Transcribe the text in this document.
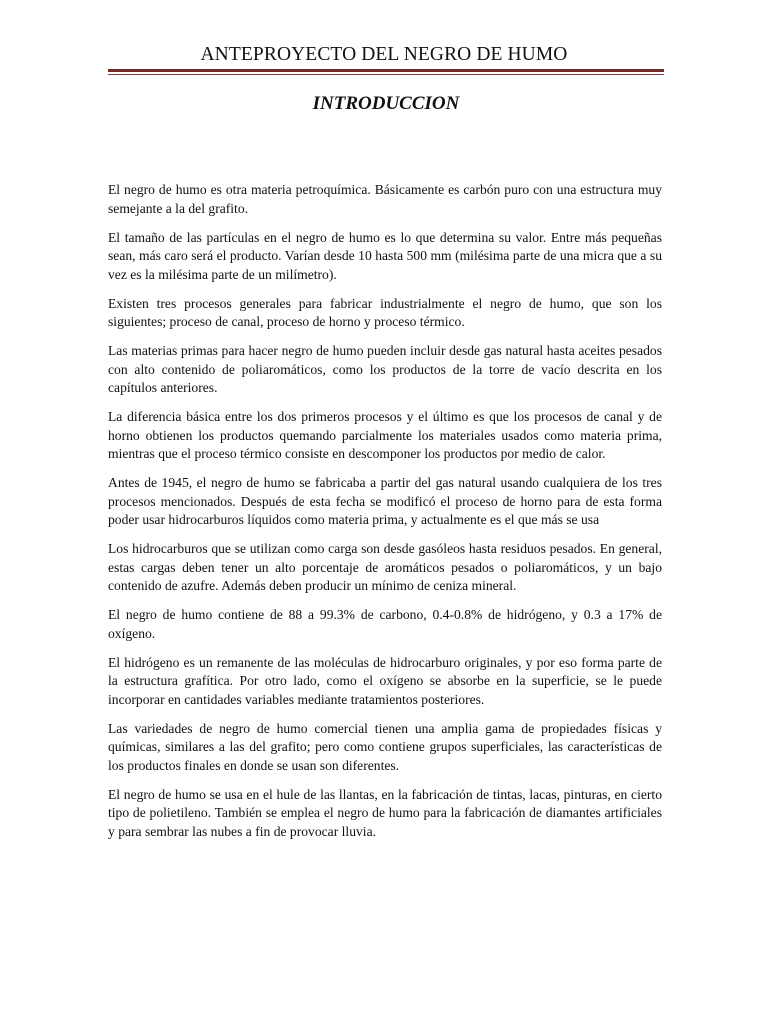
ANTEPROYECTO DEL NEGRO DE HUMO
INTRODUCCION

El negro de humo es otra materia petroquímica. Básicamente es carbón puro con una estructura muy semejante a la del grafito.

El tamaño de las partículas en el negro de humo es lo que determina su valor. Entre más pequeñas sean, más caro será el producto. Varían desde 10 hasta 500 mm (milésima parte de una micra que a su vez es la milésima parte de un milímetro).

Existen tres procesos generales para fabricar industrialmente el negro de humo, que son los siguientes; proceso de canal, proceso de horno y proceso térmico.

Las materias primas para hacer negro de humo pueden incluir desde gas natural hasta aceites pesados con alto contenido de poliaromáticos, como los productos de la torre de vacío descrita en los capítulos anteriores.

La diferencia básica entre los dos primeros procesos y el último es que los procesos de canal y de horno obtienen los productos quemando parcialmente los materiales usados como materia prima, mientras que el proceso térmico consiste en descomponer los productos por medio de calor.

Antes de 1945, el negro de humo se fabricaba a partir del gas natural usando cualquiera de los tres procesos mencionados. Después de esta fecha se modificó el proceso de horno para de esta forma poder usar hidrocarburos líquidos como materia prima, y actualmente es el que más se usa

Los hidrocarburos que se utilizan como carga son desde gasóleos hasta residuos pesados. En general, estas cargas deben tener un alto porcentaje de aromáticos pesados o poliaromáticos, y un bajo contenido de azufre. Además deben producir un mínimo de ceniza mineral.

El negro de humo contiene de 88 a 99.3% de carbono, 0.4-0.8% de hidrógeno, y 0.3 a 17% de oxígeno.

El hidrógeno es un remanente de las moléculas de hidrocarburo originales, y por eso forma parte de la estructura grafítica. Por otro lado, como el oxígeno se absorbe en la superficie, se le puede incorporar en cantidades variables mediante tratamientos posteriores.

Las variedades de negro de humo comercial tienen una amplia gama de propiedades físicas y químicas, similares a las del grafito; pero como contiene grupos superficiales, las características de los productos finales en donde se usan son diferentes.

El negro de humo se usa en el hule de las llantas, en la fabricación de tintas, lacas, pinturas, en cierto tipo de polietileno. También se emplea el negro de humo para la fabricación de diamantes artificiales y para sembrar las nubes a fin de provocar lluvia.
